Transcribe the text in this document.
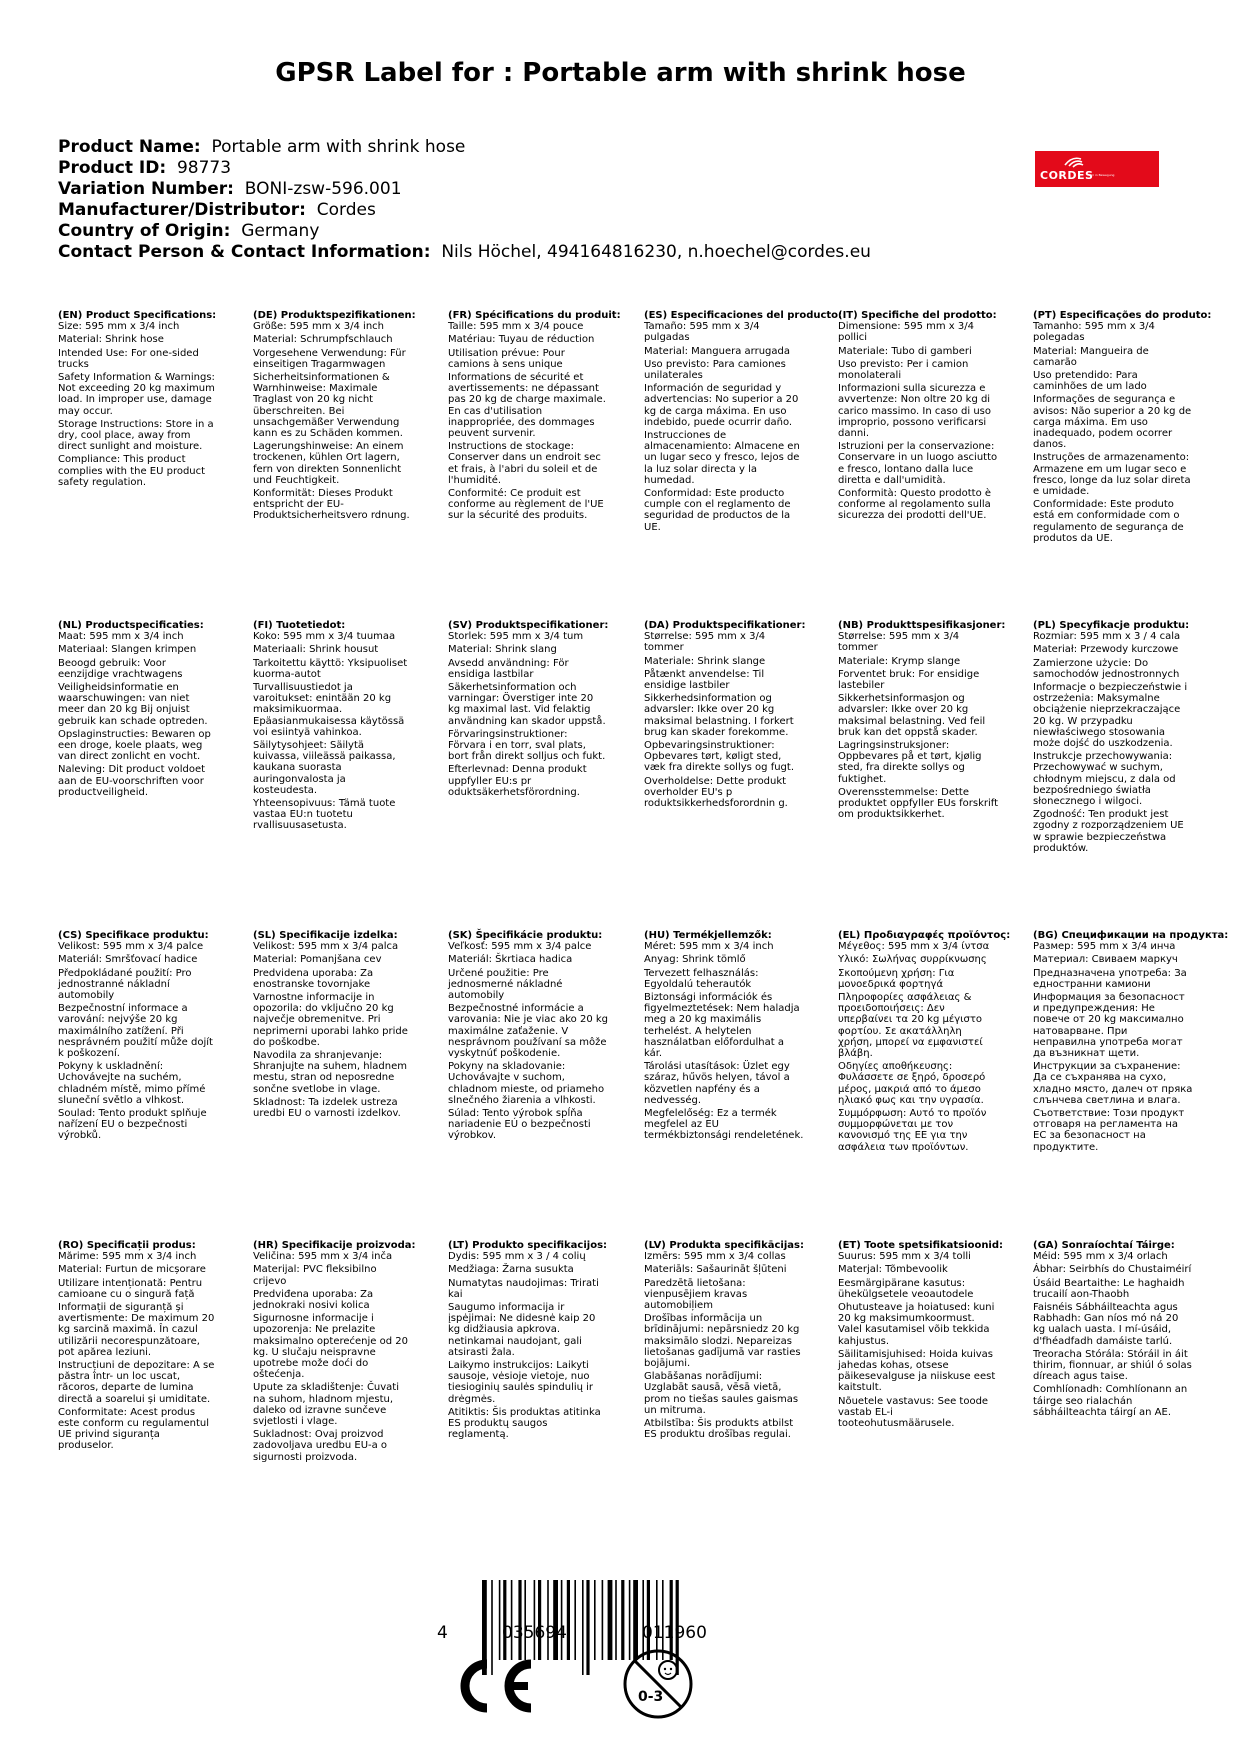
GPSR Label for : Portable arm with shrink hose
Product Name: Portable arm with shrink hose
Product ID: 98773
Variation Number: BONI-zsw-596.001
Manufacturer/Distributor: Cordes
Country of Origin: Germany
Contact Person & Contact Information: Nils Höchel, 494164816230, n.hoechel@cordes.eu
CORDES
Wir in Bewegung
(EN) Product Specifications:

Size: 595 mm x 3/4 inch

Material: Shrink hose

Intended Use: For one-sided trucks

Safety Information & Warnings: Not exceeding 20 kg maximum load. In improper use, damage may occur.

Storage Instructions: Store in a dry, cool place, away from direct sunlight and moisture.

Compliance: This product complies with the EU product safety regulation.

(DE) Produktspezifikationen:

Größe: 595 mm x 3/4 inch

Material: Schrumpfschlauch

Vorgesehene Verwendung: Für einseitigen Tragarmwagen

Sicherheitsinformationen & Warnhinweise: Maximale Traglast von 20 kg nicht überschreiten. Bei unsachgemäßer Verwendung kann es zu Schäden kommen.

Lagerungshinweise: An einem trockenen, kühlen Ort lagern, fern von direkten Sonnenlicht und Feuchtigkeit.

Konformität: Dieses Produkt entspricht der EU-Produktsicherheitsvero rdnung.

(FR) Spécifications du produit:

Taille: 595 mm x 3/4 pouce

Matériau: Tuyau de réduction

Utilisation prévue: Pour camions à sens unique

Informations de sécurité et avertissements: ne dépassant pas 20 kg de charge maximale. En cas d'utilisation inappropriée, des dommages peuvent survenir.

Instructions de stockage: Conserver dans un endroit sec et frais, à l'abri du soleil et de l'humidité.

Conformité: Ce produit est conforme au règlement de l'UE sur la sécurité des produits.

(ES) Especificaciones del producto:

Tamaño: 595 mm x 3/4 pulgadas

Material: Manguera arrugada

Uso previsto: Para camiones unilaterales

Información de seguridad y advertencias: No superior a 20 kg de carga máxima. En uso indebido, puede ocurrir daño.

Instrucciones de almacenamiento: Almacene en un lugar seco y fresco, lejos de la luz solar directa y la humedad.

Conformidad: Este producto cumple con el reglamento de seguridad de productos de la UE.

(IT) Specifiche del prodotto:

Dimensione: 595 mm x 3/4 pollici

Materiale: Tubo di gamberi

Uso previsto: Per i camion monolaterali

Informazioni sulla sicurezza e avvertenze: Non oltre 20 kg di carico massimo. In caso di uso improprio, possono verificarsi danni.

Istruzioni per la conservazione: Conservare in un luogo asciutto e fresco, lontano dalla luce diretta e dall'umidità.

Conformità: Questo prodotto è conforme al regolamento sulla sicurezza dei prodotti dell'UE.

(PT) Especificações do produto:

Tamanho: 595 mm x 3/4 polegadas

Material: Mangueira de camarão

Uso pretendido: Para caminhões de um lado

Informações de segurança e avisos: Não superior a 20 kg de carga máxima. Em uso inadequado, podem ocorrer danos.

Instruções de armazenamento: Armazene em um lugar seco e fresco, longe da luz solar direta e umidade.

Conformidade: Este produto está em conformidade com o regulamento de segurança de produtos da UE.

(NL) Productspecificaties:

Maat: 595 mm x 3/4 inch

Materiaal: Slangen krimpen

Beoogd gebruik: Voor eenzijdige vrachtwagens

Veiligheidsinformatie en waarschuwingen: van niet meer dan 20 kg Bij onjuist gebruik kan schade optreden.

Opslaginstructies: Bewaren op een droge, koele plaats, weg van direct zonlicht en vocht.

Naleving: Dit product voldoet aan de EU-voorschriften voor productveiligheid.

(FI) Tuotetiedot:

Koko: 595 mm x 3/4 tuumaa

Materiaali: Shrink housut

Tarkoitettu käyttö: Yksipuoliset kuorma-autot

Turvallisuustiedot ja varoitukset: enintään 20 kg maksimikuormaa. Epäasianmukaisessa käytössä voi esiintyä vahinkoa.

Säilytysohjeet: Säilytä kuivassa, viileässä paikassa, kaukana suorasta auringonvalosta ja kosteudesta.

Yhteensopivuus: Tämä tuote vastaa EU:n tuotetu rvallisuusasetusta.

(SV) Produktspecifikationer:

Storlek: 595 mm x 3/4 tum

Material: Shrink slang

Avsedd användning: För ensidiga lastbilar

Säkerhetsinformation och varningar: Överstiger inte 20 kg maximal last. Vid felaktig användning kan skador uppstå.

Förvaringsinstruktioner: Förvara i en torr, sval plats, bort från direkt solljus och fukt.

Efterlevnad: Denna produkt uppfyller EU:s pr oduktsäkerhetsförordning.

(DA) Produktspecifikationer:

Størrelse: 595 mm x 3/4 tommer

Materiale: Shrink slange

Påtænkt anvendelse: Til ensidige lastbiler

Sikkerhedsinformation og advarsler: Ikke over 20 kg maksimal belastning. I forkert brug kan skader forekomme.

Opbevaringsinstruktioner: Opbevares tørt, køligt sted, væk fra direkte sollys og fugt.

Overholdelse: Dette produkt overholder EU's p roduktsikkerhedsforordnin g.

(NB) Produkttspesifikasjoner:

Størrelse: 595 mm x 3/4 tommer

Materiale: Krymp slange

Forventet bruk: For ensidige lastebiler

Sikkerhetsinformasjon og advarsler: Ikke over 20 kg maksimal belastning. Ved feil bruk kan det oppstå skader.

Lagringsinstruksjoner: Oppbevares på et tørt, kjølig sted, fra direkte sollys og fuktighet.

Overensstemmelse: Dette produktet oppfyller EUs forskrift om produktsikkerhet.

(PL) Specyfikacje produktu:

Rozmiar: 595 mm x 3 / 4 cala

Materiał: Przewody kurczowe

Zamierzone użycie: Do samochodów jednostronnych

Informacje o bezpieczeństwie i ostrzeżenia: Maksymalne obciążenie nieprzekraczające 20 kg. W przypadku niewłaściwego stosowania może dojść do uszkodzenia.

Instrukcje przechowywania: Przechowywać w suchym, chłodnym miejscu, z dala od bezpośredniego światła słonecznego i wilgoci.

Zgodność: Ten produkt jest zgodny z rozporządzeniem UE w sprawie bezpieczeństwa produktów.

(CS) Specifikace produktu:

Velikost: 595 mm x 3/4 palce

Materiál: Smršťovací hadice

Předpokládané použití: Pro jednostranné nákladní automobily

Bezpečnostní informace a varování: nejvýše 20 kg maximálního zatížení. Při nesprávném použití může dojít k poškození.

Pokyny k uskladnění: Uchovávejte na suchém, chladném místě, mimo přímé sluneční světlo a vlhkost.

Soulad: Tento produkt splňuje nařízení EU o bezpečnosti výrobků.

(SL) Specifikacije izdelka:

Velikost: 595 mm x 3/4 palca

Material: Pomanjšana cev

Predvidena uporaba: Za enostranske tovornjake

Varnostne informacije in opozorila: do vključno 20 kg največje obremenitve. Pri neprimerni uporabi lahko pride do poškodbe.

Navodila za shranjevanje: Shranjujte na suhem, hladnem mestu, stran od neposredne sončne svetlobe in vlage.

Skladnost: Ta izdelek ustreza uredbi EU o varnosti izdelkov.

(SK) Špecifikácie produktu:

Veľkosť: 595 mm x 3/4 palce

Materiál: Škrtiaca hadica

Určené použitie: Pre jednosmerné nákladné automobily

Bezpečnostné informácie a varovania: Nie je viac ako 20 kg maximálne zaťaženie. V nesprávnom používaní sa môže vyskytnúť poškodenie.

Pokyny na skladovanie: Uchovávajte v suchom, chladnom mieste, od priameho slnečného žiarenia a vlhkosti.

Súlad: Tento výrobok spĺňa nariadenie EÚ o bezpečnosti výrobkov.

(HU) Termékjellemzők:

Méret: 595 mm x 3/4 inch

Anyag: Shrink tömlő

Tervezett felhasználás: Egyoldalú teherautók

Biztonsági információk és figyelmeztetések: Nem haladja meg a 20 kg maximális terhelést. A helytelen használatban előfordulhat a kár.

Tárolási utasítások: Üzlet egy száraz, hűvös helyen, távol a közvetlen napfény és a nedvesség.

Megfelelőség: Ez a termék megfelel az EU termékbiztonsági rendeletének.

(EL) Προδιαγραφές προϊόντος:

Μέγεθος: 595 mm x 3/4 ίντσα

Υλικό: Σωλήνας συρρίκνωσης

Σκοπούμενη χρήση: Για μονοεδρικά φορτηγά

Πληροφορίες ασφάλειας & προειδοποιήσεις: Δεν υπερβαίνει τα 20 kg μέγιστο φορτίου. Σε ακατάλληλη χρήση, μπορεί να εμφανιστεί βλάβη.

Οδηγίες αποθήκευσης: Φυλάσσετε σε ξηρό, δροσερό μέρος, μακριά από το άμεσο ηλιακό φως και την υγρασία.

Συμμόρφωση: Αυτό το προϊόν συμμορφώνεται με τον κανονισμό της ΕΕ για την ασφάλεια των προϊόντων.

(BG) Спецификации на продукта:

Размер: 595 mm x 3/4 инча

Материал: Свиваем маркуч

Предназначена употреба: За едностранни камиони

Информация за безопасност и предупреждения: Не повече от 20 kg максимално натоварване. При неправилна употреба могат да възникнат щети.

Инструкции за съхранение: Да се съхранява на сухо, хладно място, далеч от пряка слънчева светлина и влага.

Съответствие: Този продукт отговаря на регламента на ЕС за безопасност на продуктите.

(RO) Specificații produs:

Mărime: 595 mm x 3/4 inch

Material: Furtun de micșorare

Utilizare intenționată: Pentru camioane cu o singură față

Informații de siguranță și avertismente: De maximum 20 kg sarcină maximă. În cazul utilizării necorespunzătoare, pot apărea leziuni.

Instrucțiuni de depozitare: A se păstra într- un loc uscat, răcoros, departe de lumina directă a soarelui și umiditate.

Conformitate: Acest produs este conform cu regulamentul UE privind siguranța produselor.

(HR) Specifikacije proizvoda:

Veličina: 595 mm x 3/4 inča

Materijal: PVC fleksibilno crijevo

Predviđena uporaba: Za jednokraki nosivi kolica

Sigurnosne informacije i upozorenja: Ne prelazite maksimalno opterećenje od 20 kg. U slučaju neispravne upotrebe može doći do oštećenja.

Upute za skladištenje: Čuvati na suhom, hladnom mjestu, daleko od izravne sunčeve svjetlosti i vlage.

Sukladnost: Ovaj proizvod zadovoljava uredbu EU-a o sigurnosti proizvoda.

(LT) Produkto specifikacijos:

Dydis: 595 mm x 3 / 4 colių

Medžiaga: Žarna susukta

Numatytas naudojimas: Trirati kai

Saugumo informacija ir įspėjimai: Ne didesnė kaip 20 kg didžiausia apkrova. netinkamai naudojant, gali atsirasti žala.

Laikymo instrukcijos: Laikyti sausoje, vėsioje vietoje, nuo tiesioginių saulės spindulių ir drėgmės.

Atitiktis: Šis produktas atitinka ES produktų saugos reglamentą.

(LV) Produkta specifikācijas:

Izmērs: 595 mm x 3/4 collas

Materiāls: Sašaurināt šļūteni

Paredzētā lietošana: vienpusējiem kravas automobiļiem

Drošības informācija un brīdinājumi: nepārsniedz 20 kg maksimālo slodzi. Nepareizas lietošanas gadījumā var rasties bojājumi.

Glabāšanas norādījumi: Uzglabāt sausā, vēsā vietā, prom no tiešas saules gaismas un mitruma.

Atbilstība: Šis produkts atbilst ES produktu drošības regulai.

(ET) Toote spetsifikatsioonid:

Suurus: 595 mm x 3/4 tolli

Materjal: Tõmbevoolik

Eesmärgipärane kasutus: ühekülgsetele veoautodele

Ohutusteave ja hoiatused: kuni 20 kg maksimumkoormust. Valel kasutamisel võib tekkida kahjustus.

Säilitamisjuhised: Hoida kuivas jahedas kohas, otsese päikesevalguse ja niiskuse eest kaitstult.

Nõuetele vastavus: See toode vastab EL-i tooteohutusmäärusele.

(GA) Sonraíochtaí Táirge:

Méid: 595 mm x 3/4 orlach

Ábhar: Seirbhís do Chustaiméirí

Úsáid Beartaithe: Le haghaidh trucailí aon-Thaobh

Faisnéis Sábháilteachta agus Rabhadh: Gan níos mó ná 20 kg ualach uasta. I mí-úsáid, d'fhéadfadh damáiste tarlú.

Treoracha Stórála: Stóráil in áit thirim, fionnuar, ar shiúl ó solas díreach agus taise.

Comhlíonadh: Comhlíonann an táirge seo rialachán sábháilteachta táirgí an AE.

4	035694	011960
0-3
